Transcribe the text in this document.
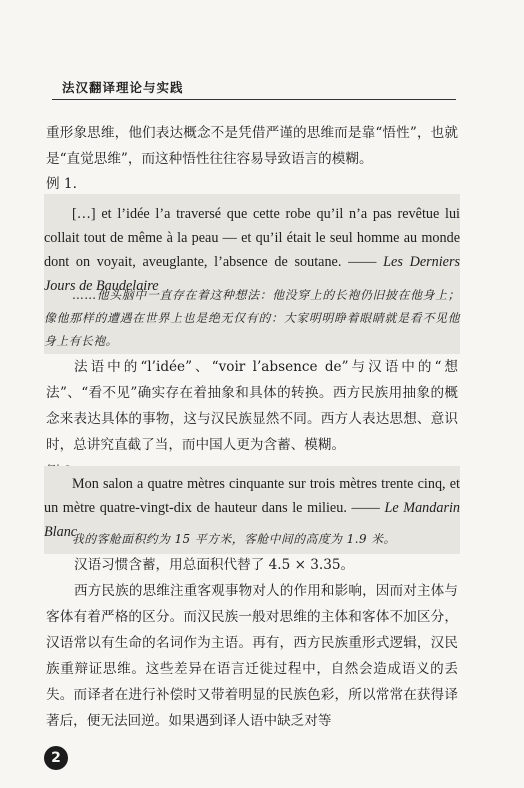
法汉翻译理论与实践

重形象思维，他们表达概念不是凭借严谨的思维而是靠“悟性”，也就是“直觉思维”，而这种悟性往往容易导致语言的模糊。

例 1.

[…] et l’idée l’a traversé que cette robe qu’il n’a pas revêtue lui collait tout de même à la peau — et qu’il était le seul homme au monde dont on voyait, aveuglante, l’absence de soutane. —— Les Derniers Jours de Baudelaire

……他头脑中一直存在着这种想法：他没穿上的长袍仍旧披在他身上；像他那样的遭遇在世界上也是绝无仅有的：大家明明睁着眼睛就是看不见他身上有长袍。

法语中的“l’idée”、“voir l’absence de”与汉语中的“想法”、“看不见”确实存在着抽象和具体的转换。西方民族用抽象的概念来表达具体的事物，这与汉民族显然不同。西方人表达思想、意识时，总讲究直截了当，而中国人更为含蓄、模糊。

Mon salon a quatre mètres cinquante sur trois mètres trente cinq, et un mètre quatre-vingt-dix de hauteur dans le milieu. —— Le Mandarin Blanc

我的客舱面积约为 15 平方米，客舱中间的高度为 1.9 米。

汉语习惯含蓄，用总面积代替了 4.5 × 3.35。

西方民族的思维注重客观事物对人的作用和影响，因而对主体与客体有着严格的区分。而汉民族一般对思维的主体和客体不加区分，汉语常以有生命的名词作为主语。再有，西方民族重形式逻辑，汉民族重辩证思维。这些差异在语言迁徙过程中，自然会造成语义的丢失。而译者在进行补偿时又带着明显的民族色彩，所以常常在获得译著后，便无法回逆。如果遇到译人语中缺乏对等

2
